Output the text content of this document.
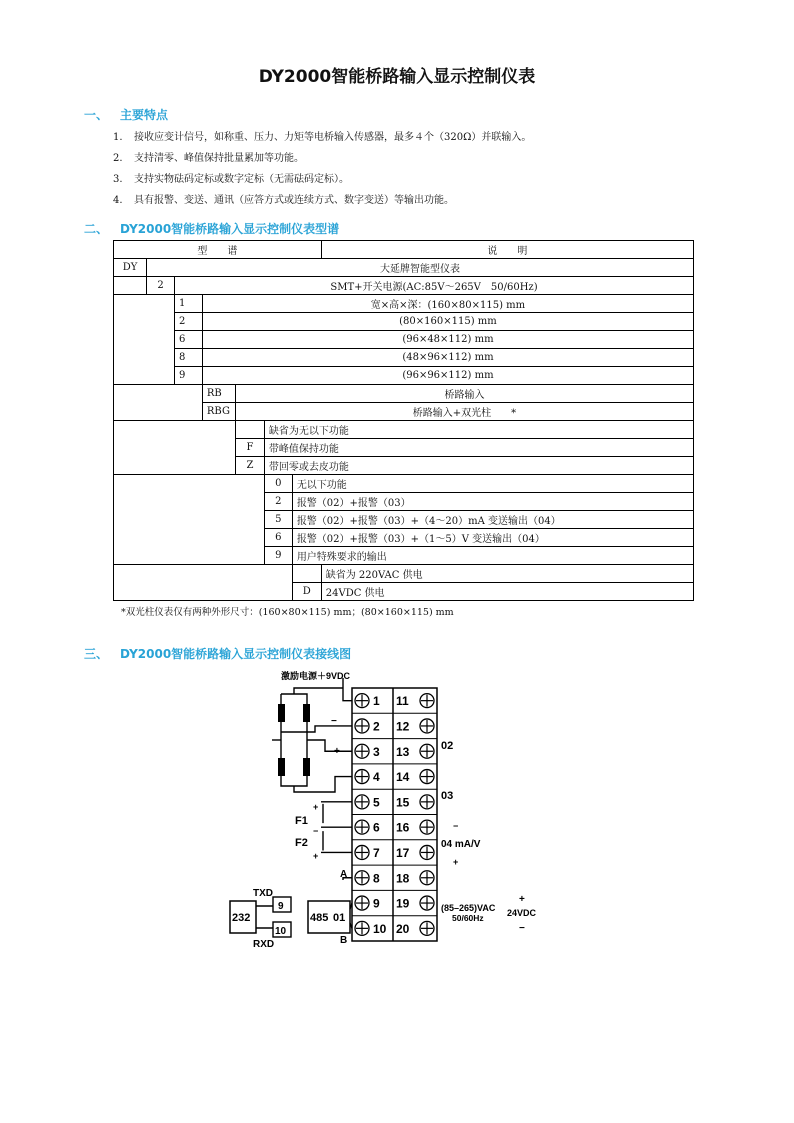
DY2000智能桥路输入显示控制仪表
一、 主要特点
1. 接收应变计信号，如称重、压力、力矩等电桥输入传感器，最多４个（320Ω）并联输入。
2. 支持清零、峰值保持批量累加等功能。
3. 支持实物砝码定标或数字定标（无需砝码定标）。
4. 具有报警、变送、通讯（应答方式或连续方式、数字变送）等输出功能。
二、 DY2000智能桥路输入显示控制仪表型谱
型　　谱							说　　明
DY	大延牌智能型仪表						
	2	SMT+开关电源(AC:85V～265V　50/60Hz)					
		1	宽×高×深：(160×80×115) mm				
		2	(80×160×115) mm				
		6	(96×48×112) mm				
		8	(48×96×112) mm				
		9	(96×96×112) mm				
			RB	桥路输入			
			RBG	桥路输入+双光柱　　*			
					缺省为无以下功能		
				F	带峰值保持功能		
				Z	带回零或去皮功能		
					0	无以下功能	
					2	报警（02）+报警（03）	
					5	报警（02）+报警（03）+（4～20）mA 变送输出（04）	
					6	报警（02）+报警（03）+（1～5）V 变送输出（04）	
					9	用户特殊要求的输出	
							缺省为 220VAC 供电
						D	24VDC 供电
*双光柱仪表仅有两种外形尺寸：(160×80×115) mm；(80×160×115) mm
三、 DY2000智能桥路输入显示控制仪表接线图
1 11
2 12
3 13
4 14
5 15
6 16
7 17
8 18
9 19
10 20
激励电源＋9VDC
−
+
F1
F2
+
−
+
02
03
−
04 mA/V
+
(85–265)VAC
50/60Hz
+
24VDC
−
232
TXD
RXD
9
10
485 01
A
B
